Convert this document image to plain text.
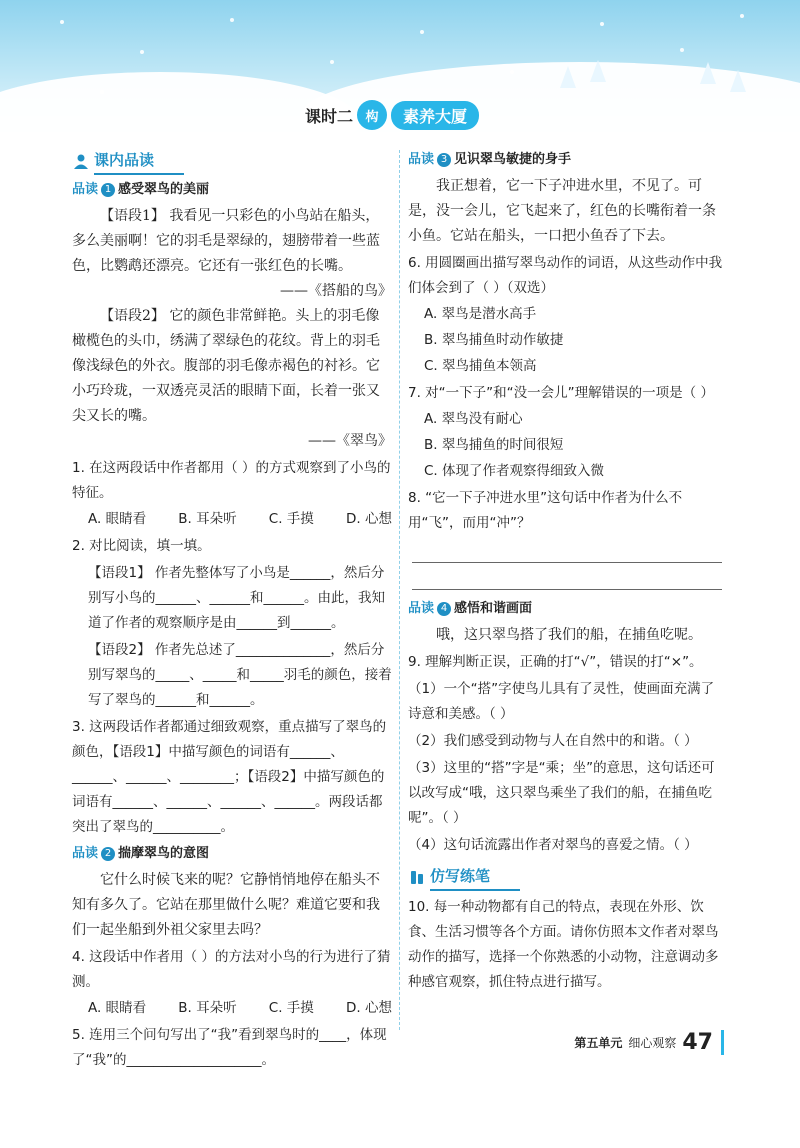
课时二 构	素养大厦
课内品读
品读 1 感受翠鸟的美丽

【语段1】 我看见一只彩色的小鸟站在船头，多么美丽啊！它的羽毛是翠绿的，翅膀带着一些蓝色，比鹦鹉还漂亮。它还有一张红色的长嘴。

——《搭船的鸟》

【语段2】 它的颜色非常鲜艳。头上的羽毛像橄榄色的头巾，绣满了翠绿色的花纹。背上的羽毛像浅绿色的外衣。腹部的羽毛像赤褐色的衬衫。它小巧玲珑，一双透亮灵活的眼睛下面，长着一张又尖又长的嘴。

——《翠鸟》

1. 在这两段话中作者都用（ ）的方式观察到了小鸟的特征。

A. 眼睛看 B. 耳朵听 C. 手摸 D. 心想

2. 对比阅读，填一填。

【语段1】 作者先整体写了小鸟是______，然后分别写小鸟的______、______和______。由此，我知道了作者的观察顺序是由______到______。

【语段2】 作者先总述了______________，然后分别写翠鸟的_____、_____和_____羽毛的颜色，接着写了翠鸟的______和______。

3. 这两段话作者都通过细致观察，重点描写了翠鸟的颜色，【语段1】中描写颜色的词语有______、______、______、________；【语段2】中描写颜色的词语有______、______、______、______。两段话都突出了翠鸟的__________。

品读 2 揣摩翠鸟的意图

它什么时候飞来的呢？它静悄悄地停在船头不知有多久了。它站在那里做什么呢？难道它要和我们一起坐船到外祖父家里去吗？

4. 这段话中作者用（ ）的方法对小鸟的行为进行了猜测。

A. 眼睛看 B. 耳朵听 C. 手摸 D. 心想

5. 连用三个问句写出了“我”看到翠鸟时的____，体现了“我”的____________________。

品读 3 见识翠鸟敏捷的身手

我正想着，它一下子冲进水里，不见了。可是，没一会儿，它飞起来了，红色的长嘴衔着一条小鱼。它站在船头，一口把小鱼吞了下去。

6. 用圆圈画出描写翠鸟动作的词语，从这些动作中我们体会到了（ ）（双选）

A. 翠鸟是潜水高手
B. 翠鸟捕鱼时动作敏捷
C. 翠鸟捕鱼本领高

7. 对“一下子”和“没一会儿”理解错误的一项是（ ）

A. 翠鸟没有耐心
B. 翠鸟捕鱼的时间很短
C. 体现了作者观察得细致入微

8. “它一下子冲进水里”这句话中作者为什么不用“飞”，而用“冲”？

品读 4 感悟和谐画面

哦，这只翠鸟搭了我们的船，在捕鱼吃呢。

9. 理解判断正误，正确的打“√”，错误的打“×”。

（1）一个“搭”字使鸟儿具有了灵性，使画面充满了诗意和美感。（ ）

（2）我们感受到动物与人在自然中的和谐。（ ）

（3）这里的“搭”字是“乘；坐”的意思，这句话还可以改写成“哦，这只翠鸟乘坐了我们的船，在捕鱼吃呢”。（ ）

（4）这句话流露出作者对翠鸟的喜爱之情。（ ）

仿写练笔

10. 每一种动物都有自己的特点，表现在外形、饮食、生活习惯等各个方面。请你仿照本文作者对翠鸟动作的描写，选择一个你熟悉的小动物，注意调动多种感官观察，抓住特点进行描写。

第五单元 细心观察 47
